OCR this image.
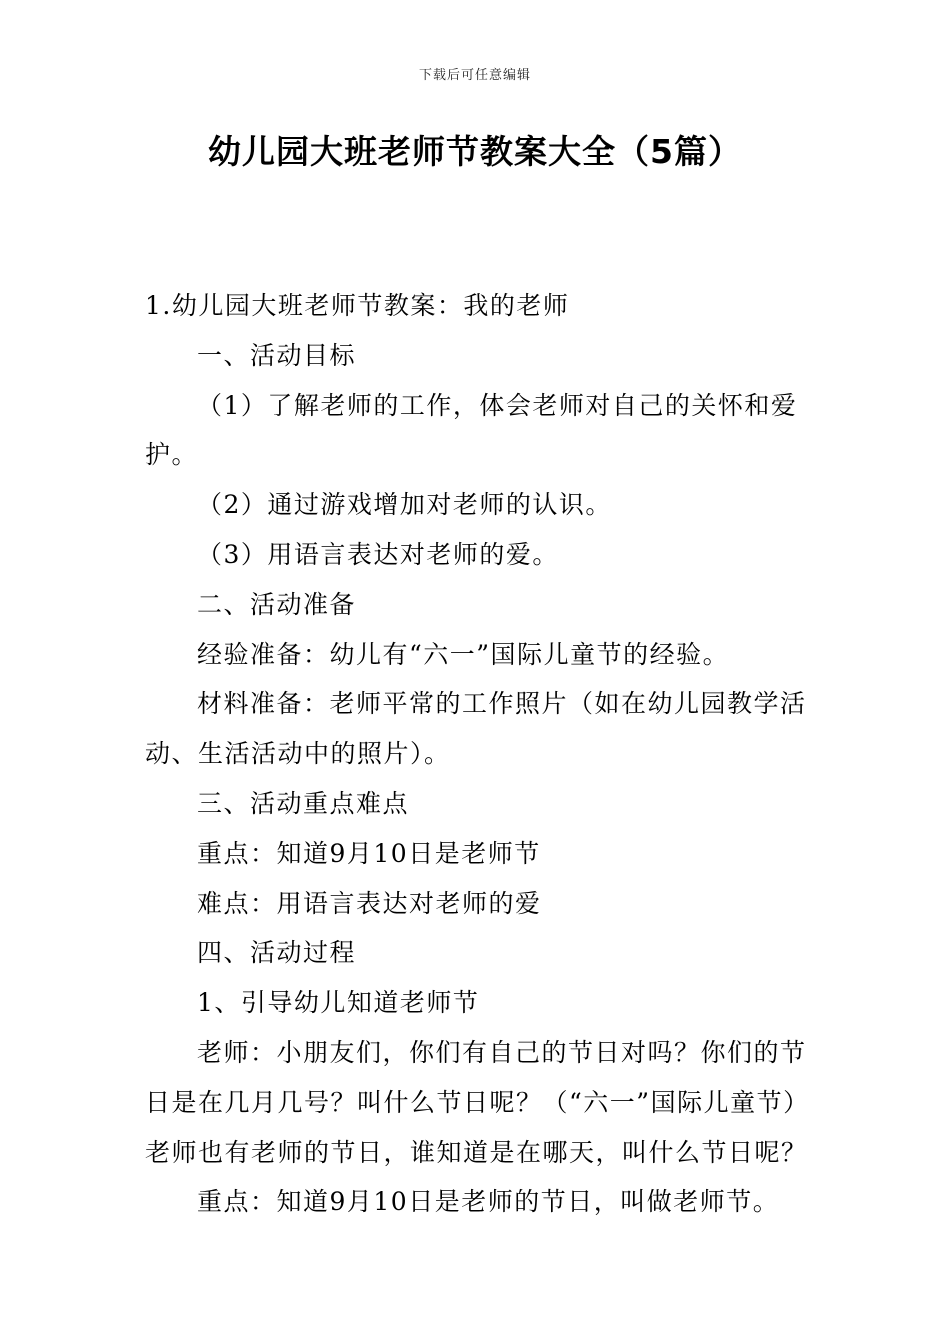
下载后可任意编辑
幼儿园大班老师节教案大全（5篇）

1.幼儿园大班老师节教案：我的老师

一、活动目标

（1）了解老师的工作，体会老师对自己的关怀和爱护。

（2）通过游戏增加对老师的认识。

（3）用语言表达对老师的爱。

二、活动准备

经验准备：幼儿有“六一”国际儿童节的经验。

材料准备：老师平常的工作照片（如在幼儿园教学活动、生活活动中的照片）。

三、活动重点难点

重点：知道9月10日是老师节

难点：用语言表达对老师的爱

四、活动过程

1、引导幼儿知道老师节

老师：小朋友们，你们有自己的节日对吗？你们的节日是在几月几号？叫什么节日呢？（“六一”国际儿童节）老师也有老师的节日，谁知道是在哪天，叫什么节日呢？

重点：知道9月10日是老师的节日，叫做老师节。
